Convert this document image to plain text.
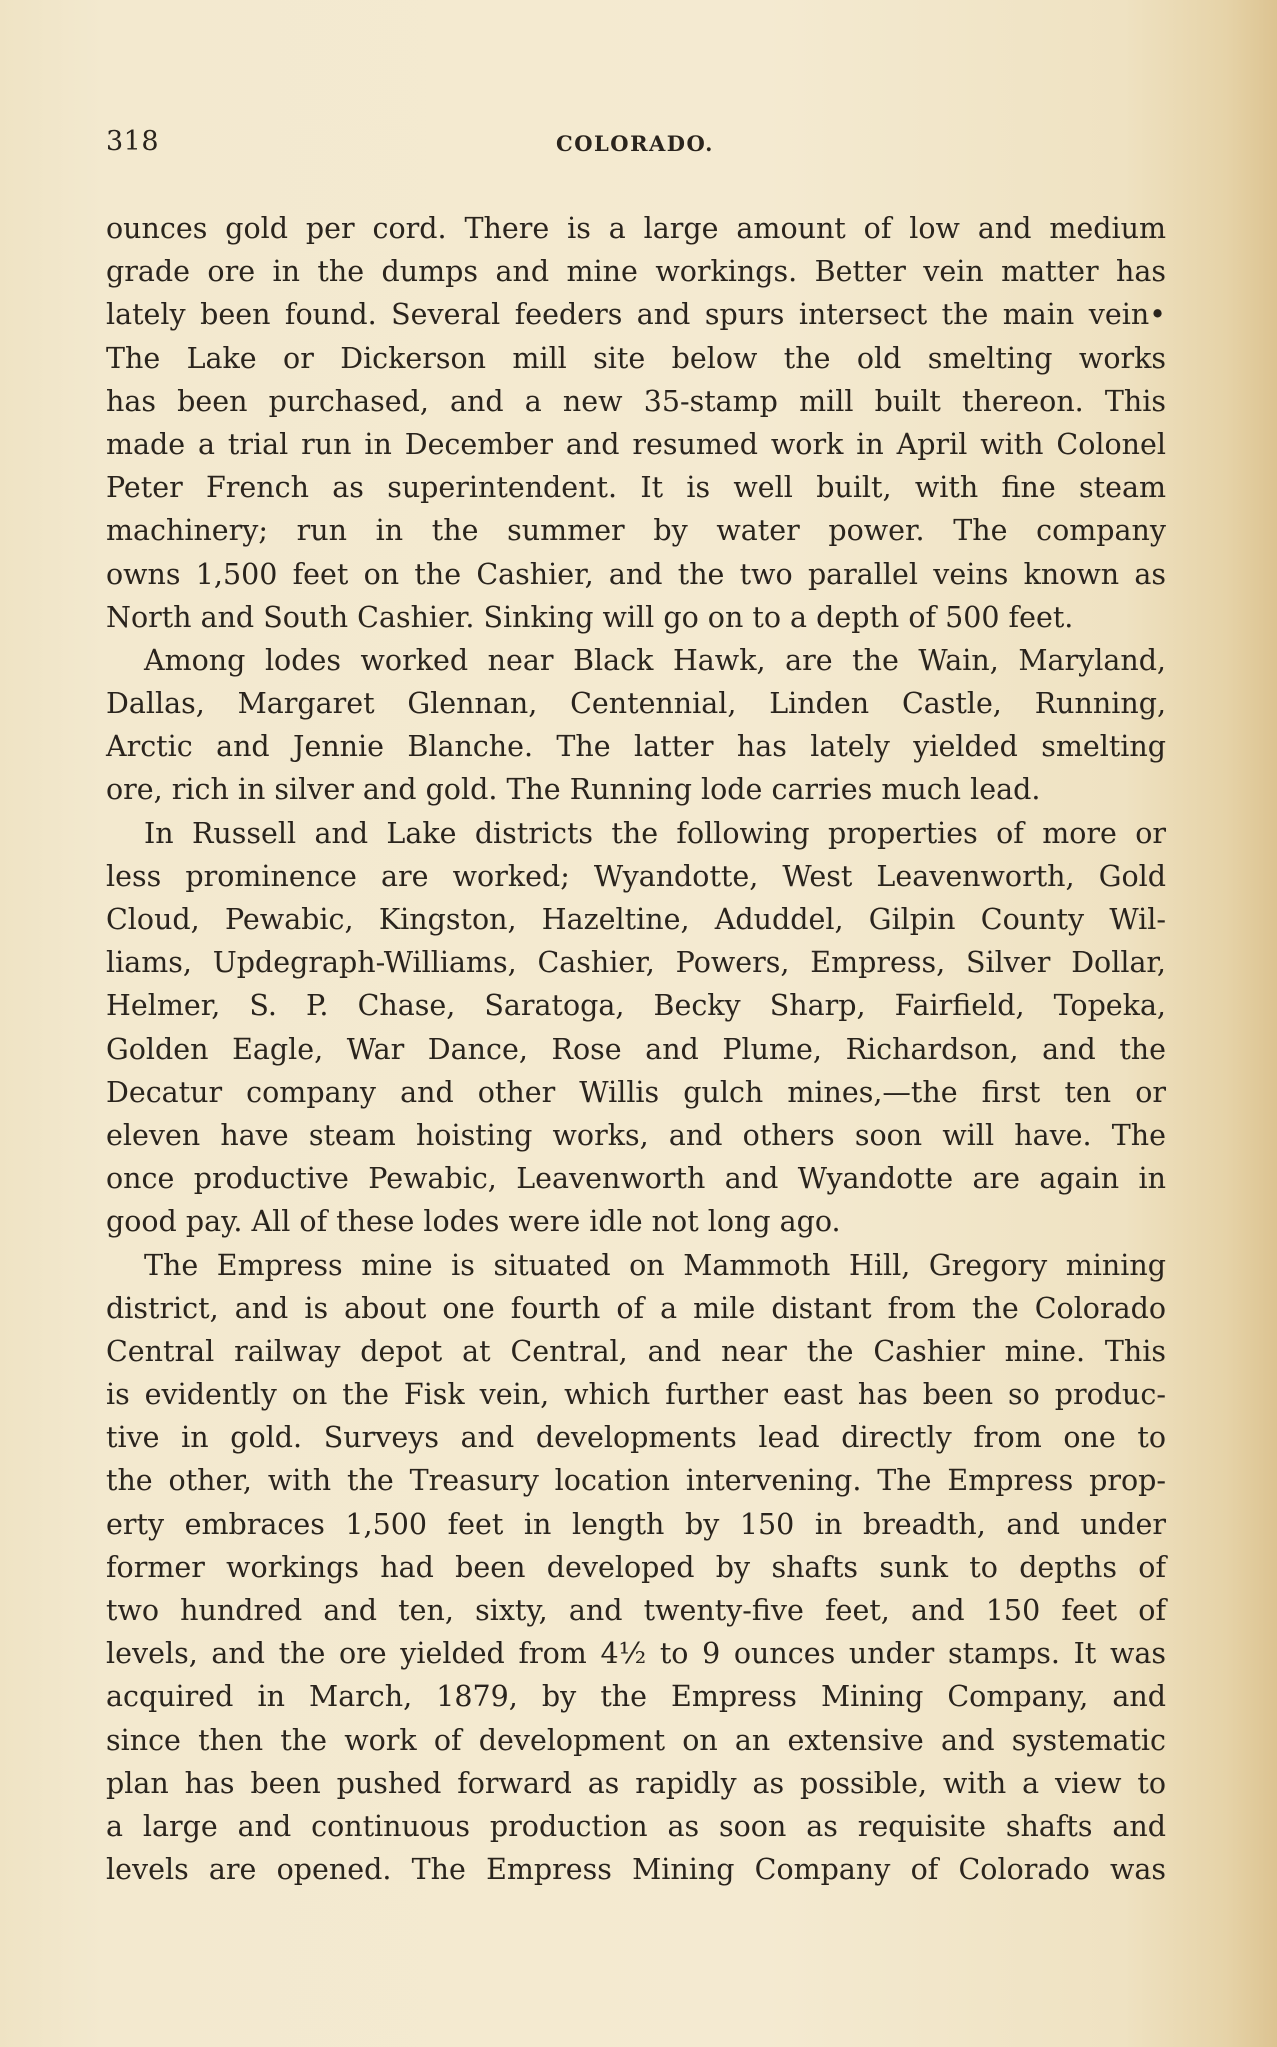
318	COLORADO.
ounces gold per cord. There is a large amount of low and medium
grade ore in the dumps and mine workings. Better vein matter has
lately been found. Several feeders and spurs intersect the main vein•
The Lake or Dickerson mill site below the old smelting works
has been purchased, and a new 35-stamp mill built thereon. This
made a trial run in December and resumed work in April with Colonel
Peter French as superintendent. It is well built, with fine steam
machinery; run in the summer by water power. The company
owns 1,500 feet on the Cashier, and the two parallel veins known as
North and South Cashier. Sinking will go on to a depth of 500 feet.
Among lodes worked near Black Hawk, are the Wain, Maryland,
Dallas, Margaret Glennan, Centennial, Linden Castle, Running,
Arctic and Jennie Blanche. The latter has lately yielded smelting
ore, rich in silver and gold. The Running lode carries much lead.
In Russell and Lake districts the following properties of more or
less prominence are worked; Wyandotte, West Leavenworth, Gold
Cloud, Pewabic, Kingston, Hazeltine, Aduddel, Gilpin County Wil-
liams, Updegraph-Williams, Cashier, Powers, Empress, Silver Dollar,
Helmer, S. P. Chase, Saratoga, Becky Sharp, Fairfield, Topeka,
Golden Eagle, War Dance, Rose and Plume, Richardson, and the
Decatur company and other Willis gulch mines,—the first ten or
eleven have steam hoisting works, and others soon will have. The
once productive Pewabic, Leavenworth and Wyandotte are again in
good pay. All of these lodes were idle not long ago.
The Empress mine is situated on Mammoth Hill, Gregory mining
district, and is about one fourth of a mile distant from the Colorado
Central railway depot at Central, and near the Cashier mine. This
is evidently on the Fisk vein, which further east has been so produc-
tive in gold. Surveys and developments lead directly from one to
the other, with the Treasury location intervening. The Empress prop-
erty embraces 1,500 feet in length by 150 in breadth, and under
former workings had been developed by shafts sunk to depths of
two hundred and ten, sixty, and twenty-five feet, and 150 feet of
levels, and the ore yielded from 4½ to 9 ounces under stamps. It was
acquired in March, 1879, by the Empress Mining Company, and
since then the work of development on an extensive and systematic
plan has been pushed forward as rapidly as possible, with a view to
a large and continuous production as soon as requisite shafts and
levels are opened. The Empress Mining Company of Colorado was
